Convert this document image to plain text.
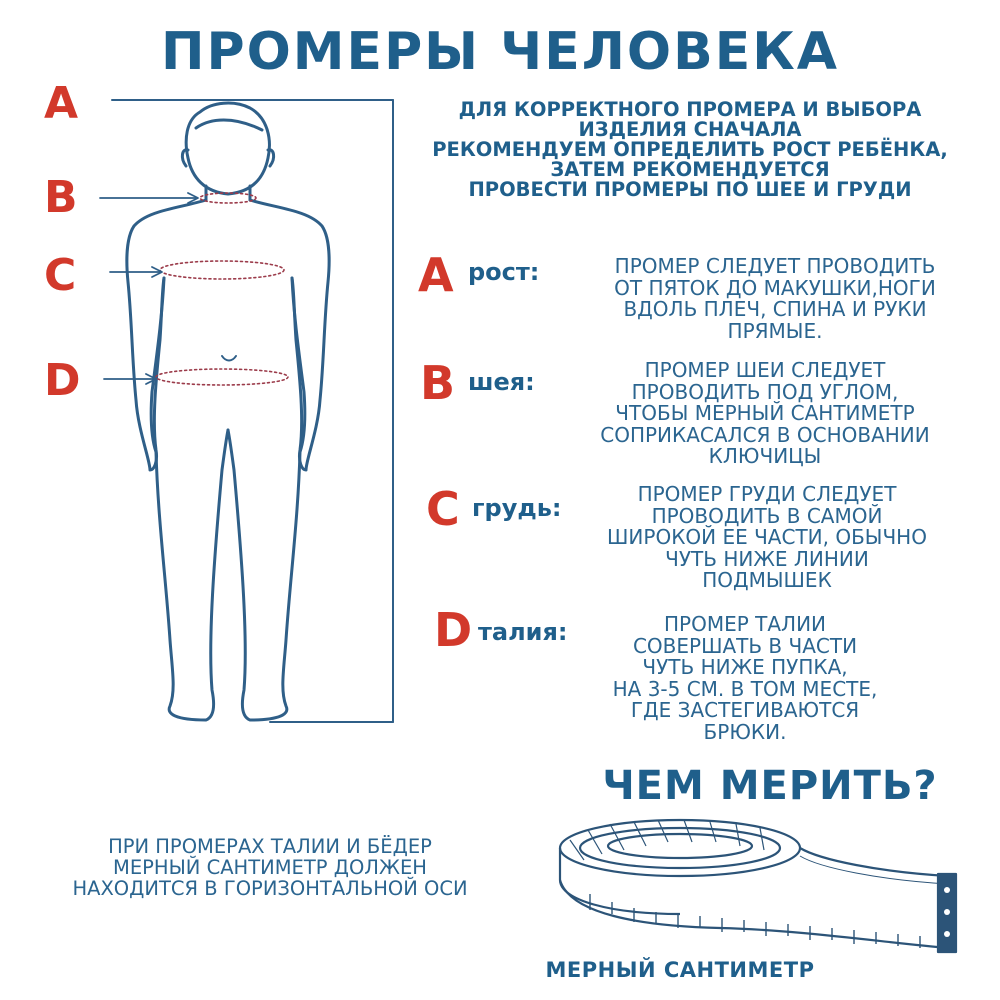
ПРОМЕРЫ ЧЕЛОВЕКА
ДЛЯ КОРРЕКТНОГО ПРОМЕРА И ВЫБОРА
ИЗДЕЛИЯ СНАЧАЛА
РЕКОМЕНДУЕМ ОПРЕДЕЛИТЬ РОСТ РЕБЁНКА,
ЗАТЕМ РЕКОМЕНДУЕТСЯ
ПРОВЕСТИ ПРОМЕРЫ ПО ШЕЕ И ГРУДИ
A
B
C
D
A рост:	ПРОМЕР СЛЕДУЕТ ПРОВОДИТЬ
ОТ ПЯТОК ДО МАКУШКИ,НОГИ
ВДОЛЬ ПЛЕЧ, СПИНА И РУКИ
ПРЯМЫЕ.
B шея:	ПРОМЕР ШЕИ СЛЕДУЕТ
ПРОВОДИТЬ ПОД УГЛОМ,
ЧТОБЫ МЕРНЫЙ САНТИМЕТР
СОПРИКАСАЛСЯ В ОСНОВАНИИ
КЛЮЧИЦЫ
C грудь:	ПРОМЕР ГРУДИ СЛЕДУЕТ
ПРОВОДИТЬ В САМОЙ
ШИРОКОЙ ЕЕ ЧАСТИ, ОБЫЧНО
ЧУТЬ НИЖЕ ЛИНИИ
ПОДМЫШЕК
D талия:	ПРОМЕР ТАЛИИ
СОВЕРШАТЬ В ЧАСТИ
ЧУТЬ НИЖЕ ПУПКА,
НА 3-5 СМ. В ТОМ МЕСТЕ,
ГДЕ ЗАСТЕГИВАЮТСЯ
БРЮКИ.
ЧЕМ МЕРИТЬ?
ПРИ ПРОМЕРАХ ТАЛИИ И БЁДЕР
МЕРНЫЙ САНТИМЕТР ДОЛЖЕН
НАХОДИТСЯ В ГОРИЗОНТАЛЬНОЙ ОСИ
МЕРНЫЙ САНТИМЕТР
